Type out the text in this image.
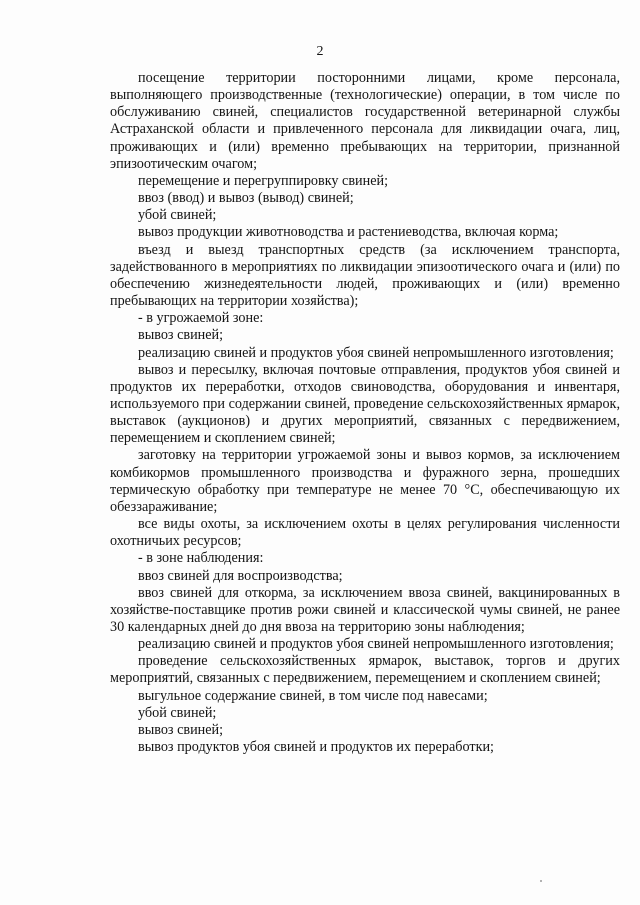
2

посещение территории посторонними лицами, кроме персонала, выполняющего производственные (технологические) операции, в том числе по обслуживанию свиней, специалистов государственной ветеринарной службы Астраханской области и привлеченного персонала для ликвидации очага, лиц, проживающих и (или) временно пребывающих на территории, признанной эпизоотическим очагом;

перемещение и перегруппировку свиней;

ввоз (ввод) и вывоз (вывод) свиней;

убой свиней;

вывоз продукции животноводства и растениеводства, включая корма;

въезд и выезд транспортных средств (за исключением транспорта, задействованного в мероприятиях по ликвидации эпизоотического очага и (или) по обеспечению жизнедеятельности людей, проживающих и (или) временно пребывающих на территории хозяйства);

- в угрожаемой зоне:

вывоз свиней;

реализацию свиней и продуктов убоя свиней непромышленного изготовления;

вывоз и пересылку, включая почтовые отправления, продуктов убоя свиней и продуктов их переработки, отходов свиноводства, оборудования и инвентаря, используемого при содержании свиней, проведение сельскохозяйственных ярмарок, выставок (аукционов) и других мероприятий, связанных с передвижением, перемещением и скоплением свиней;

заготовку на территории угрожаемой зоны и вывоз кормов, за исключением комбикормов промышленного производства и фуражного зерна, прошедших термическую обработку при температуре не менее 70 °С, обеспечивающую их обеззараживание;

все виды охоты, за исключением охоты в целях регулирования численности охотничьих ресурсов;

- в зоне наблюдения:

ввоз свиней для воспроизводства;

ввоз свиней для откорма, за исключением ввоза свиней, вакцинированных в хозяйстве-поставщике против рожи свиней и классической чумы свиней, не ранее 30 календарных дней до дня ввоза на территорию зоны наблюдения;

реализацию свиней и продуктов убоя свиней непромышленного изготовления;

проведение сельскохозяйственных ярмарок, выставок, торгов и других мероприятий, связанных с передвижением, перемещением и скоплением свиней;

выгульное содержание свиней, в том числе под навесами;

убой свиней;

вывоз свиней;

вывоз продуктов убоя свиней и продуктов их переработки;
